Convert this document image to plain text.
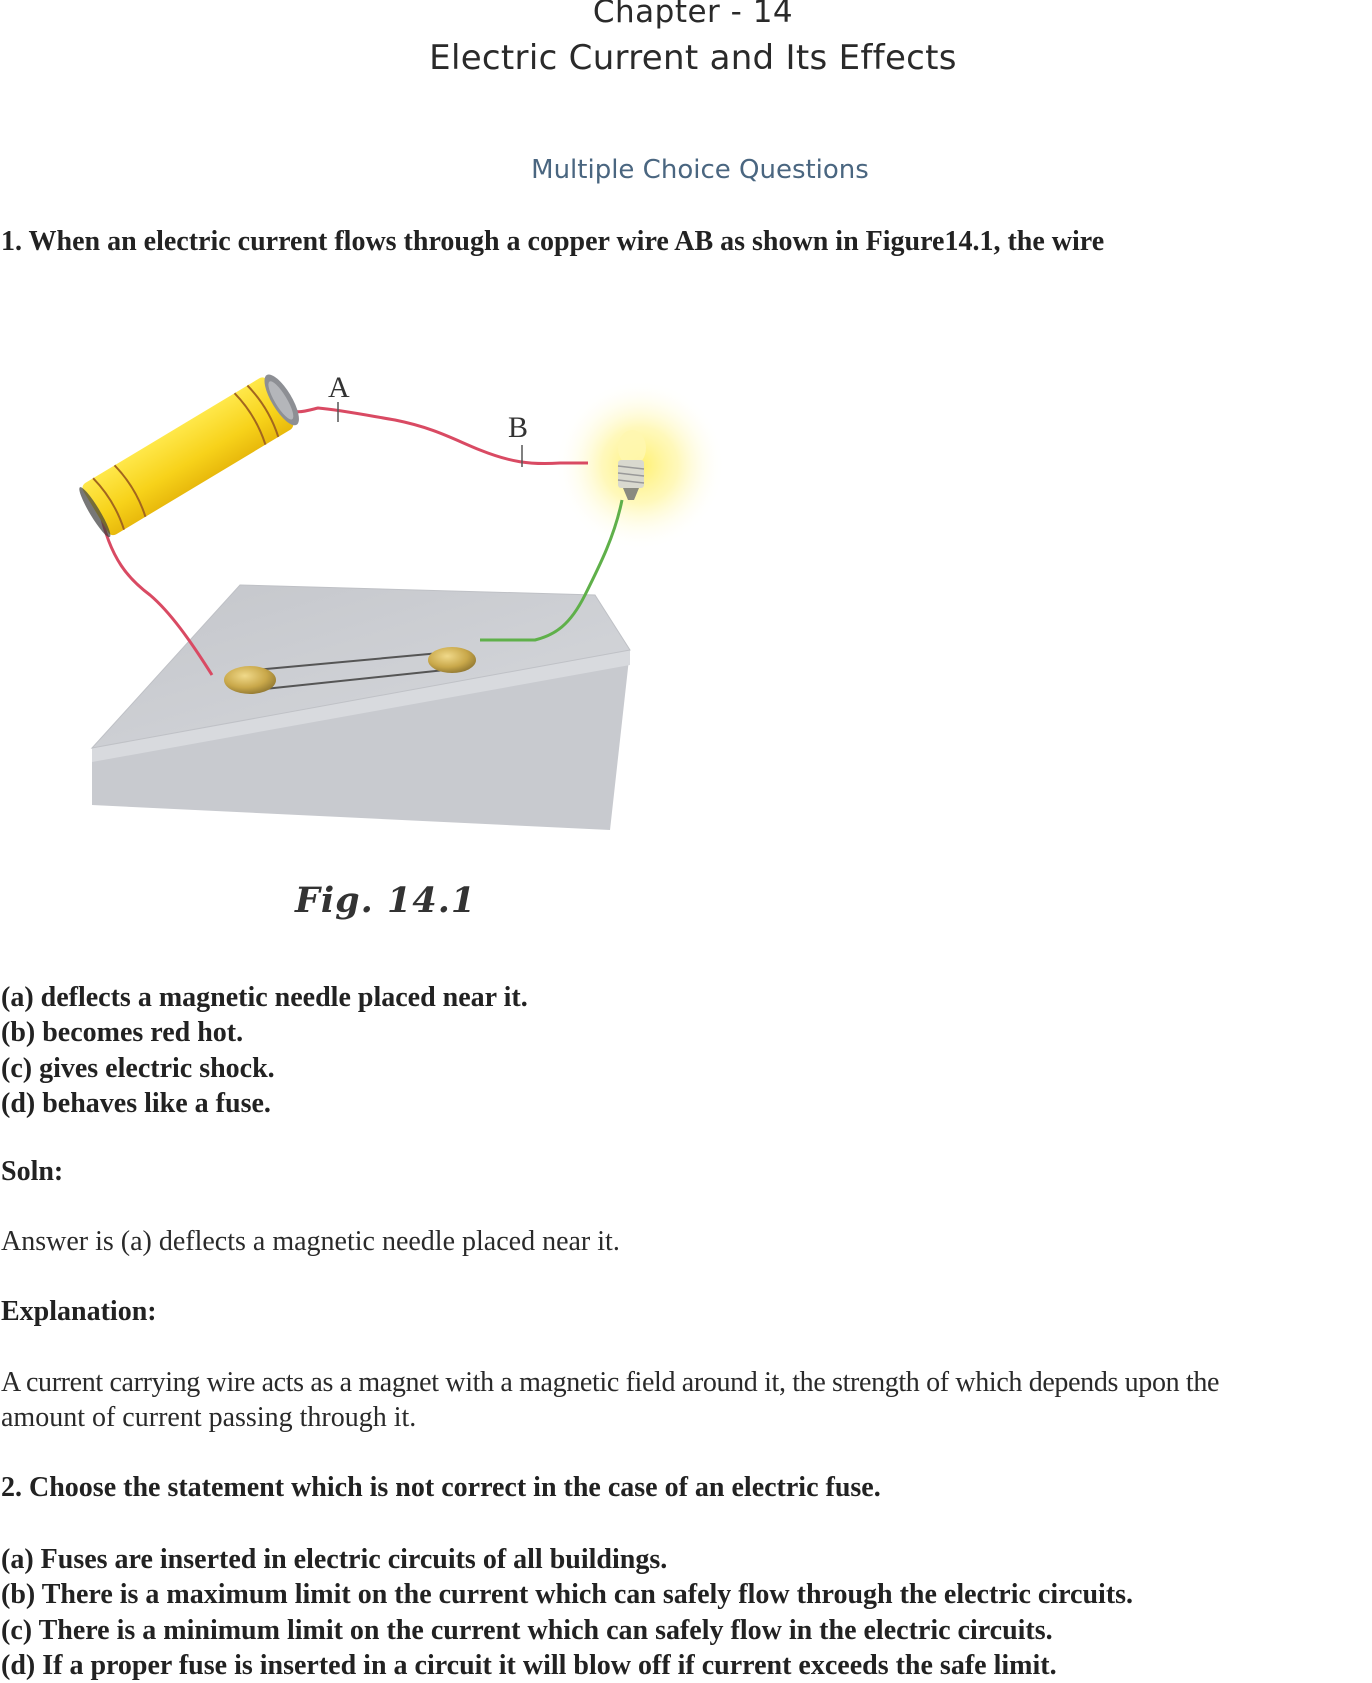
Chapter - 14
Electric Current and Its Effects
Multiple Choice Questions
1. When an electric current flows through a copper wire AB as shown in Figure14.1, the wire
A
B
Fig. 14.1
(a) deflects a magnetic needle placed near it.
(b) becomes red hot.
(c) gives electric shock.
(d) behaves like a fuse.
Soln:
Answer is (a) deflects a magnetic needle placed near it.
Explanation:
A current carrying wire acts as a magnet with a magnetic field around it, the strength of which depends upon the
amount of current passing through it.
2. Choose the statement which is not correct in the case of an electric fuse.
(a) Fuses are inserted in electric circuits of all buildings.
(b) There is a maximum limit on the current which can safely flow through the electric circuits.
(c) There is a minimum limit on the current which can safely flow in the electric circuits.
(d) If a proper fuse is inserted in a circuit it will blow off if current exceeds the safe limit.
